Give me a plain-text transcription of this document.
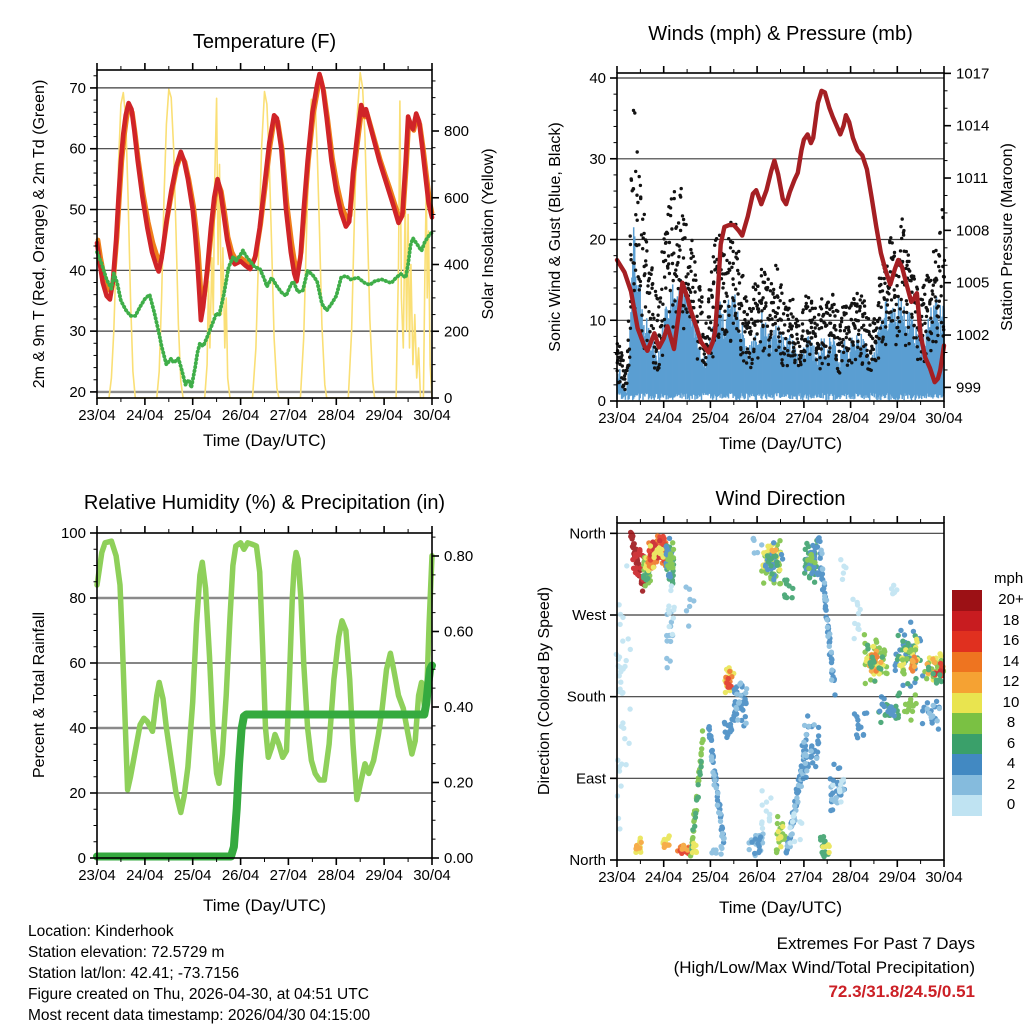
23/04 24/04 25/04 26/04 27/04 28/04 29/04 30/04
20
30
40
50
60
70
0
200
400
600
800
23/04 24/04 25/04 26/04 27/04 28/04 29/04 30/04
0
10
20
30
40
999
1002
1005
1008
1011
1014
1017
23/04 24/04 25/04 26/04 27/04 28/04 29/04 30/04
0
20
40
60
80
100
0.00
0.20
0.40
0.60
0.80
23/04 24/04 25/04 26/04 27/04 28/04 29/04 30/04
North
West
South
East
North
Temperature (F)	Winds (mph) & Pressure (mb)
Relative Humidity (%) & Precipitation (in)	Wind Direction
Time (Day/UTC)	Time (Day/UTC)
Time (Day/UTC)	Time (Day/UTC)
2m & 9m T (Red, Orange) & 2m Td (Green)	Solar Insolation (Yellow)	Sonic Wind & Gust (Blue, Black)	Station Pressure (Maroon)
Percent & Total Rainfall	Direction (Colored By Speed)
mph
20+
18
16
14
12
10
8
6
4
2
0
Extremes For Past 7 Days
(High/Low/Max Wind/Total Precipitation)
72.3/31.8/24.5/0.51
Location: Kinderhook
Station elevation: 72.5729 m
Station lat/lon: 42.41; -73.7156
Figure created on Thu, 2026-04-30, at 04:51 UTC
Most recent data timestamp: 2026/04/30 04:15:00
